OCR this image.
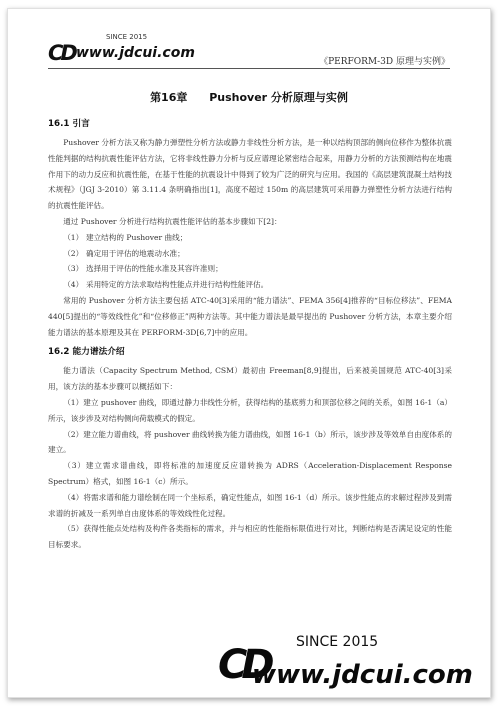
CD
SINCE 2015
www.jdcui.com
《PERFORM-3D 原理与实例》
第16章 Pushover 分析原理与实例
16.1 引言

Pushover 分析方法又称为静力弹塑性分析方法或静力非线性分析方法，是一种以结构顶部的侧向位移作为整体抗震性能判据的结构抗震性能评估方法，它将非线性静力分析与反应谱理论紧密结合起来，用静力分析的方法预测结构在地震作用下的动力反应和抗震性能，在基于性能的抗震设计中得到了较为广泛的研究与应用。我国的《高层建筑混凝土结构技术规程》（JGJ 3-2010）第 3.11.4 条明确指出[1]，高度不超过 150m 的高层建筑可采用静力弹塑性分析方法进行结构的抗震性能评估。

通过 Pushover 分析进行结构抗震性能评估的基本步骤如下[2]：

（1） 建立结构的 Pushover 曲线；

（2） 确定用于评估的地震动水准；

（3） 选择用于评估的性能水准及其容许准则；

（4） 采用特定的方法求取结构性能点并进行结构性能评估。

常用的 Pushover 分析方法主要包括 ATC-40[3]采用的“能力谱法”、FEMA 356[4]推荐的“目标位移法”、FEMA 440[5]提出的“等效线性化”和“位移修正”两种方法等。其中能力谱法是最早提出的 Pushover 分析方法，本章主要介绍能力谱法的基本原理及其在 PERFORM-3D[6,7]中的应用。

16.2 能力谱法介绍

能力谱法（Capacity Spectrum Method, CSM）最初由 Freeman[8,9]提出，后来被美国规范 ATC-40[3]采用，该方法的基本步骤可以概括如下：

（1）建立 pushover 曲线，即通过静力非线性分析，获得结构的基底剪力和顶部位移之间的关系，如图 16-1（a）所示，该步涉及对结构侧向荷载模式的假定。

（2）建立能力谱曲线，将 pushover 曲线转换为能力谱曲线，如图 16-1（b）所示，该步涉及等效单自由度体系的建立。

（3）建立需求谱曲线，即将标准的加速度反应谱转换为 ADRS（Acceleration-Displacement Response Spectrum）格式，如图 16-1（c）所示。

（4）将需求谱和能力谱绘制在同一个坐标系，确定性能点，如图 16-1（d）所示。该步性能点的求解过程涉及到需求谱的折减及一系列单自由度体系的等效线性化过程。

（5）获得性能点处结构及构件各类指标的需求，并与相应的性能指标限值进行对比，判断结构是否满足设定的性能目标要求。

CD SINCE 2015
www.jdcui.com
